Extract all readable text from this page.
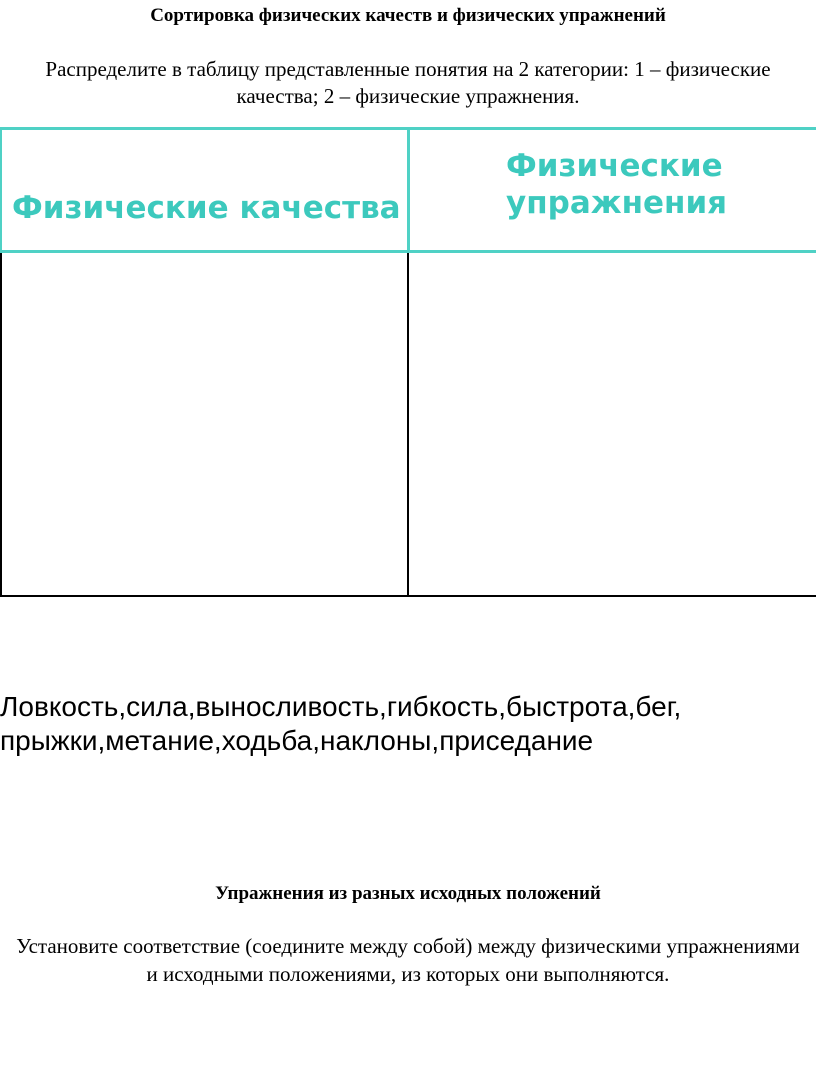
Сортировка физических качеств и физических упражнений
Распределите в таблицу представленные понятия на 2 категории: 1 – физические качества; 2 – физические упражнения.
Физические качества
Физические упражнения
Ловкость,сила,выносливость,гибкость,быстрота,бег,
прыжки,метание,ходьба,наклоны,приседание
Упражнения из разных исходных положений
Установите соответствие (соедините между собой) между физическими упражнениями и исходными положениями, из которых они выполняются.
